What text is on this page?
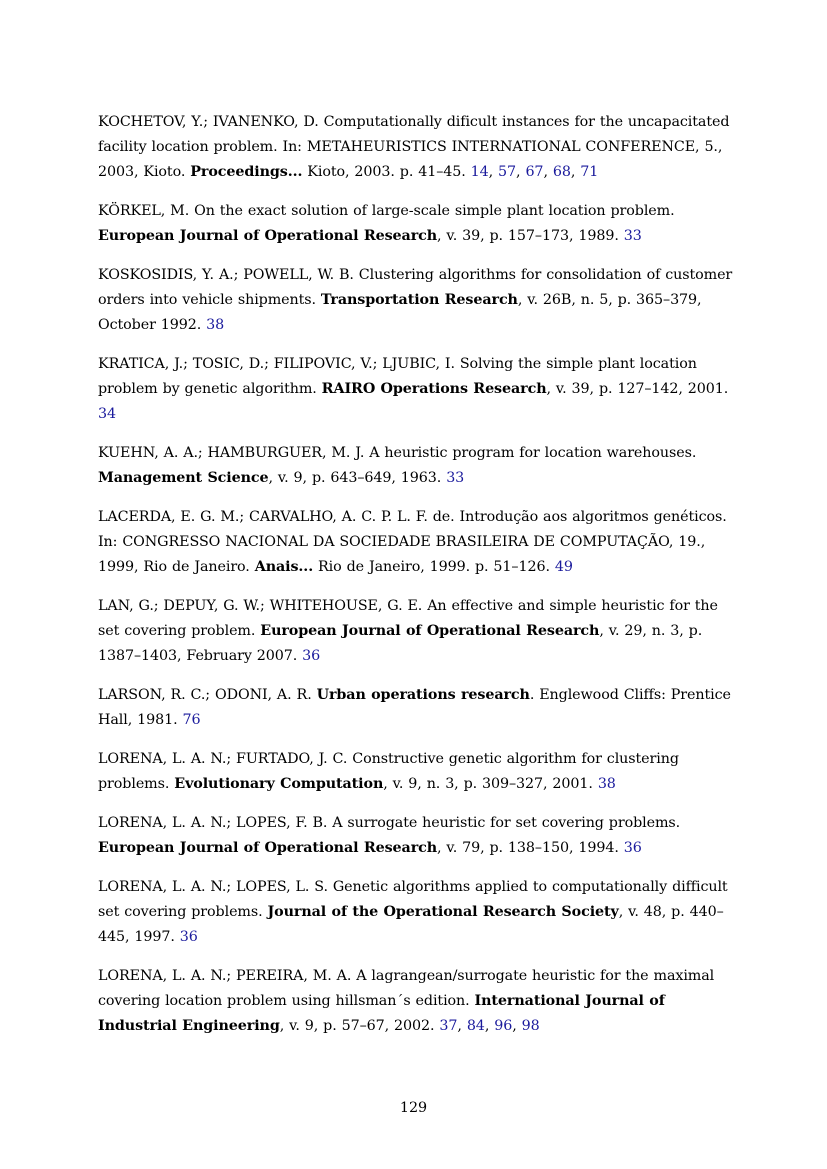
KOCHETOV, Y.; IVANENKO, D. Computationally dificult instances for the uncapacitated facility location problem. In: METAHEURISTICS INTERNATIONAL CONFERENCE, 5., 2003, Kioto. Proceedings... Kioto, 2003. p. 41–45. 14, 57, 67, 68, 71
KÖRKEL, M. On the exact solution of large-scale simple plant location problem. European Journal of Operational Research, v. 39, p. 157–173, 1989. 33
KOSKOSIDIS, Y. A.; POWELL, W. B. Clustering algorithms for consolidation of customer orders into vehicle shipments. Transportation Research, v. 26B, n. 5, p. 365–379, October 1992. 38
KRATICA, J.; TOSIC, D.; FILIPOVIC, V.; LJUBIC, I. Solving the simple plant location problem by genetic algorithm. RAIRO Operations Research, v. 39, p. 127–142, 2001. 34
KUEHN, A. A.; HAMBURGUER, M. J. A heuristic program for location warehouses. Management Science, v. 9, p. 643–649, 1963. 33
LACERDA, E. G. M.; CARVALHO, A. C. P. L. F. de. Introdução aos algoritmos genéticos. In: CONGRESSO NACIONAL DA SOCIEDADE BRASILEIRA DE COMPUTAÇÃO, 19., 1999, Rio de Janeiro. Anais... Rio de Janeiro, 1999. p. 51–126. 49
LAN, G.; DEPUY, G. W.; WHITEHOUSE, G. E. An effective and simple heuristic for the set covering problem. European Journal of Operational Research, v. 29, n. 3, p. 1387–1403, February 2007. 36
LARSON, R. C.; ODONI, A. R. Urban operations research. Englewood Cliffs: Prentice Hall, 1981. 76
LORENA, L. A. N.; FURTADO, J. C. Constructive genetic algorithm for clustering problems. Evolutionary Computation, v. 9, n. 3, p. 309–327, 2001. 38
LORENA, L. A. N.; LOPES, F. B. A surrogate heuristic for set covering problems. European Journal of Operational Research, v. 79, p. 138–150, 1994. 36
LORENA, L. A. N.; LOPES, L. S. Genetic algorithms applied to computationally difficult set covering problems. Journal of the Operational Research Society, v. 48, p. 440–445, 1997. 36
LORENA, L. A. N.; PEREIRA, M. A. A lagrangean/surrogate heuristic for the maximal covering location problem using hillsman´s edition. International Journal of Industrial Engineering, v. 9, p. 57–67, 2002. 37, 84, 96, 98
129
